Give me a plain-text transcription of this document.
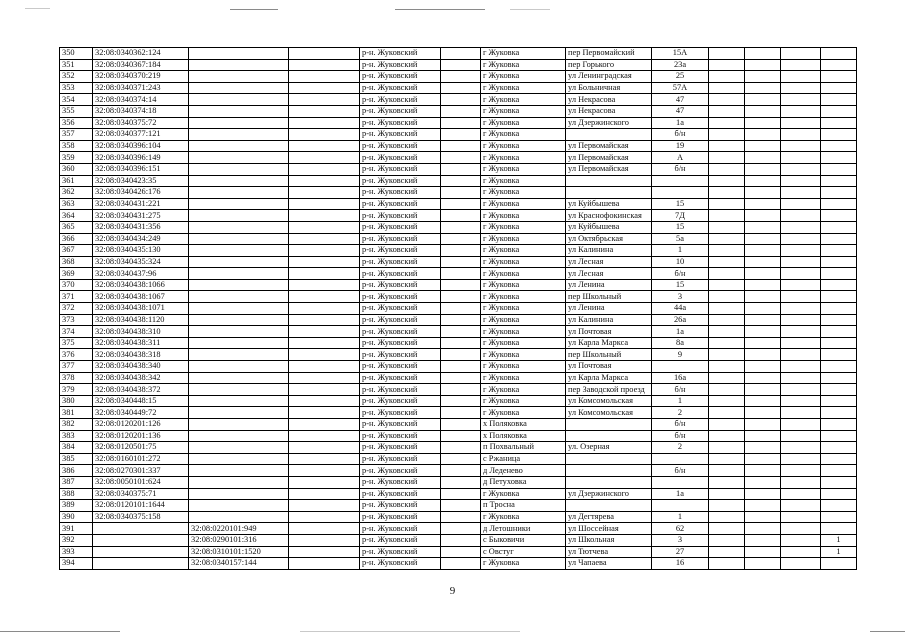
350	32:08:0340362:124			р-н. Жуковский		г Жуковка	пер Первомайский	15А				
351	32:08:0340367:184			р-н. Жуковский		г Жуковка	пер Горького	23а				
352	32:08:0340370:219			р-н. Жуковский		г Жуковка	ул Ленинградская	25				
353	32:08:0340371:243			р-н. Жуковский		г Жуковка	ул Больничная	57А				
354	32:08:0340374:14			р-н. Жуковский		г Жуковка	ул Некрасова	47				
355	32:08:0340374:18			р-н. Жуковский		г Жуковка	ул Некрасова	47				
356	32:08:0340375:72			р-н. Жуковский		г Жуковка	ул Дзержинского	1а				
357	32:08:0340377:121			р-н. Жуковский		г Жуковка		б/н				
358	32:08:0340396:104			р-н. Жуковский		г Жуковка	ул Первомайская	19				
359	32:08:0340396:149			р-н. Жуковский		г Жуковка	ул Первомайская	А				
360	32:08:0340396:151			р-н. Жуковский		г Жуковка	ул Первомайская	б/н				
361	32:08:0340423:35			р-н. Жуковский		г Жуковка						
362	32:08:0340426:176			р-н. Жуковский		г Жуковка						
363	32:08:0340431:221			р-н. Жуковский		г Жуковка	ул Куйбышева	15				
364	32:08:0340431:275			р-н. Жуковский		г Жуковка	ул Краснофокинская	7Д				
365	32:08:0340431:356			р-н. Жуковский		г Жуковка	ул Куйбышева	15				
366	32:08:0340434:249			р-н. Жуковский		г Жуковка	ул Октябрьская	5а				
367	32:08:0340435:130			р-н. Жуковский		г Жуковка	ул Калинина	1				
368	32:08:0340435:324			р-н. Жуковский		г Жуковка	ул Лесная	10				
369	32:08:0340437:96			р-н. Жуковский		г Жуковка	ул Лесная	б/н				
370	32:08:0340438:1066			р-н. Жуковский		г Жуковка	ул Ленина	15				
371	32:08:0340438:1067			р-н. Жуковский		г Жуковка	пер Школьный	3				
372	32:08:0340438:1071			р-н. Жуковский		г Жуковка	ул Ленина	44а				
373	32:08:0340438:1120			р-н. Жуковский		г Жуковка	ул Калинина	26а				
374	32:08:0340438:310			р-н. Жуковский		г Жуковка	ул Почтовая	1а				
375	32:08:0340438:311			р-н. Жуковский		г Жуковка	ул Карла Маркса	8а				
376	32:08:0340438:318			р-н. Жуковский		г Жуковка	пер Школьный	9				
377	32:08:0340438:340			р-н. Жуковский		г Жуковка	ул Почтовая					
378	32:08:0340438:342			р-н. Жуковский		г Жуковка	ул Карла Маркса	16а				
379	32:08:0340438:372			р-н. Жуковский		г Жуковка	пер Заводской проезд	б/н				
380	32:08:0340448:15			р-н. Жуковский		г Жуковка	ул Комсомольская	1				
381	32:08:0340449:72			р-н. Жуковский		г Жуковка	ул Комсомольская	2				
382	32:08:0120201:126			р-н. Жуковский		х Поляковка		б/н				
383	32:08:0120201:136			р-н. Жуковский		х Поляковка		б/н				
384	32:08:0120501:75			р-н. Жуковский		п Похвальный	ул. Озерная	2				
385	32:08:0160101:272			р-н. Жуковский		с Ржаница						
386	32:08:0270301:337			р-н. Жуковский		д Леденево		б/н				
387	32:08:0050101:624			р-н. Жуковский		д Петуховка						
388	32:08:0340375:71			р-н. Жуковский		г Жуковка	ул Дзержинского	1а				
389	32:08:0120101:1644			р-н. Жуковский		п Тросна						
390	32:08:0340375:158			р-н. Жуковский		г Жуковка	ул Дегтярева	1				
391		32:08:0220101:949		р-н. Жуковский		д Летошники	ул Шоссейная	62				
392		32:08:0290101:316		р-н. Жуковский		с Быковичи	ул Школьная	3				1
393		32:08:0310101:1520		р-н. Жуковский		с Овстуг	ул Тютчева	27				1
394		32:08:0340157:144		р-н. Жуковский		г Жуковка	ул Чапаева	16				
9
